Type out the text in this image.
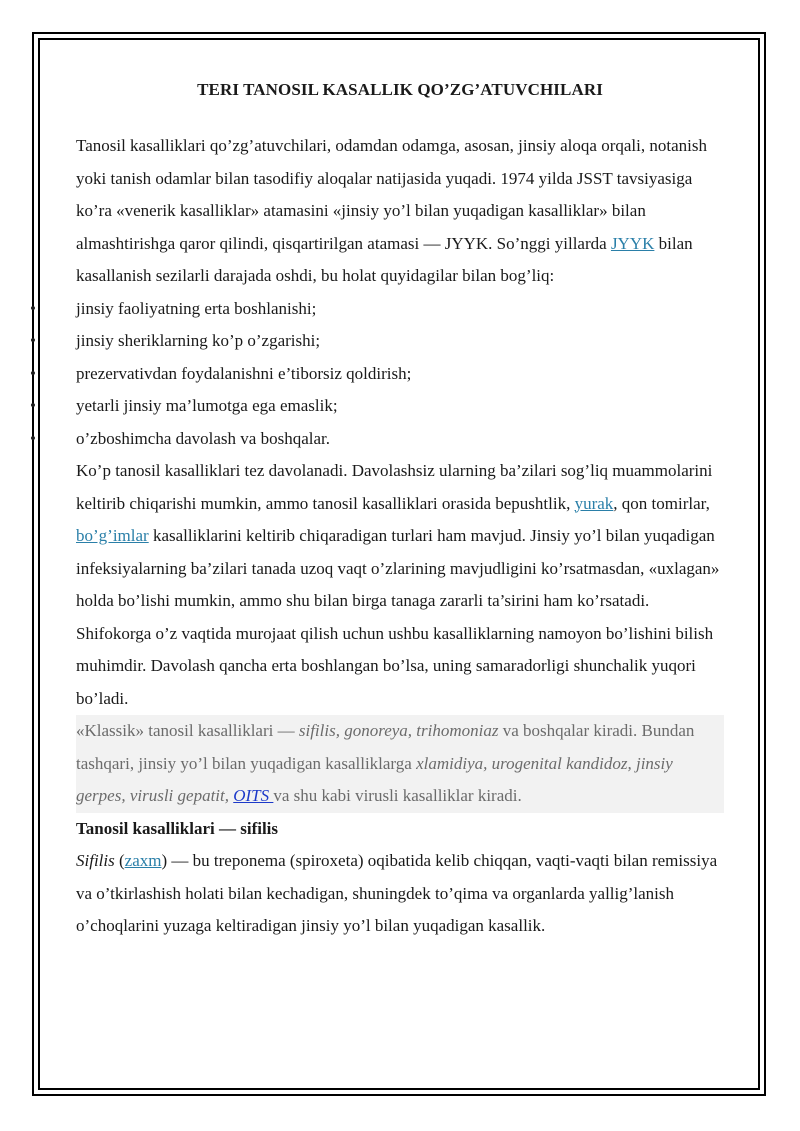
TERI TANOSIL KASALLIK QO’ZG’ATUVCHILARI

Tanosil kasalliklari qo’zg’atuvchilari, odamdan odamga, asosan, jinsiy aloqa orqali, notanish yoki tanish odamlar bilan tasodifiy aloqalar natijasida yuqadi. 1974 yilda JSST tavsiyasiga ko’ra «venerik kasalliklar» atamasini «jinsiy yo’l bilan yuqadigan kasalliklar» bilan almashtirishga qaror qilindi, qisqartirilgan atamasi — JYYK. So’nggi yillarda JYYK bilan kasallanish sezilarli darajada oshdi, bu holat quyidagilar bilan bog’liq:

• jinsiy faoliyatning erta boshlanishi;
• jinsiy sheriklarning ko’p o’zgarishi;
• prezervativdan foydalanishni e’tiborsiz qoldirish;
• yetarli jinsiy ma’lumotga ega emaslik;
• o’zboshimcha davolash va boshqalar.

Ko’p tanosil kasalliklari tez davolanadi. Davolashsiz ularning ba’zilari sog’liq muammolarini keltirib chiqarishi mumkin, ammo tanosil kasalliklari orasida bepushtlik, yurak, qon tomirlar, bo’g’imlar kasalliklarini keltirib chiqaradigan turlari ham mavjud. Jinsiy yo’l bilan yuqadigan infeksiyalarning ba’zilari tanada uzoq vaqt o’zlarining mavjudligini ko’rsatmasdan, «uxlagan» holda bo’lishi mumkin, ammo shu bilan birga tanaga zararli ta’sirini ham ko’rsatadi. Shifokorga o’z vaqtida murojaat qilish uchun ushbu kasalliklarning namoyon bo’lishini bilish muhimdir. Davolash qancha erta boshlangan bo’lsa, uning samaradorligi shunchalik yuqori bo’ladi.

«Klassik» tanosil kasalliklari — sifilis, gonoreya, trihomoniaz va boshqalar kiradi. Bundan tashqari, jinsiy yo’l bilan yuqadigan kasalliklarga xlamidiya, urogenital kandidoz, jinsiy gerpes, virusli gepatit, OITS va shu kabi virusli kasalliklar kiradi.

Tanosil kasalliklari — sifilis

Sifilis (zaxm) — bu treponema (spiroxeta) oqibatida kelib chiqqan, vaqti-vaqti bilan remissiya va o’tkirlashish holati bilan kechadigan, shuningdek to’qima va organlarda yallig’lanish o’choqlarini yuzaga keltiradigan jinsiy yo’l bilan yuqadigan kasallik.
